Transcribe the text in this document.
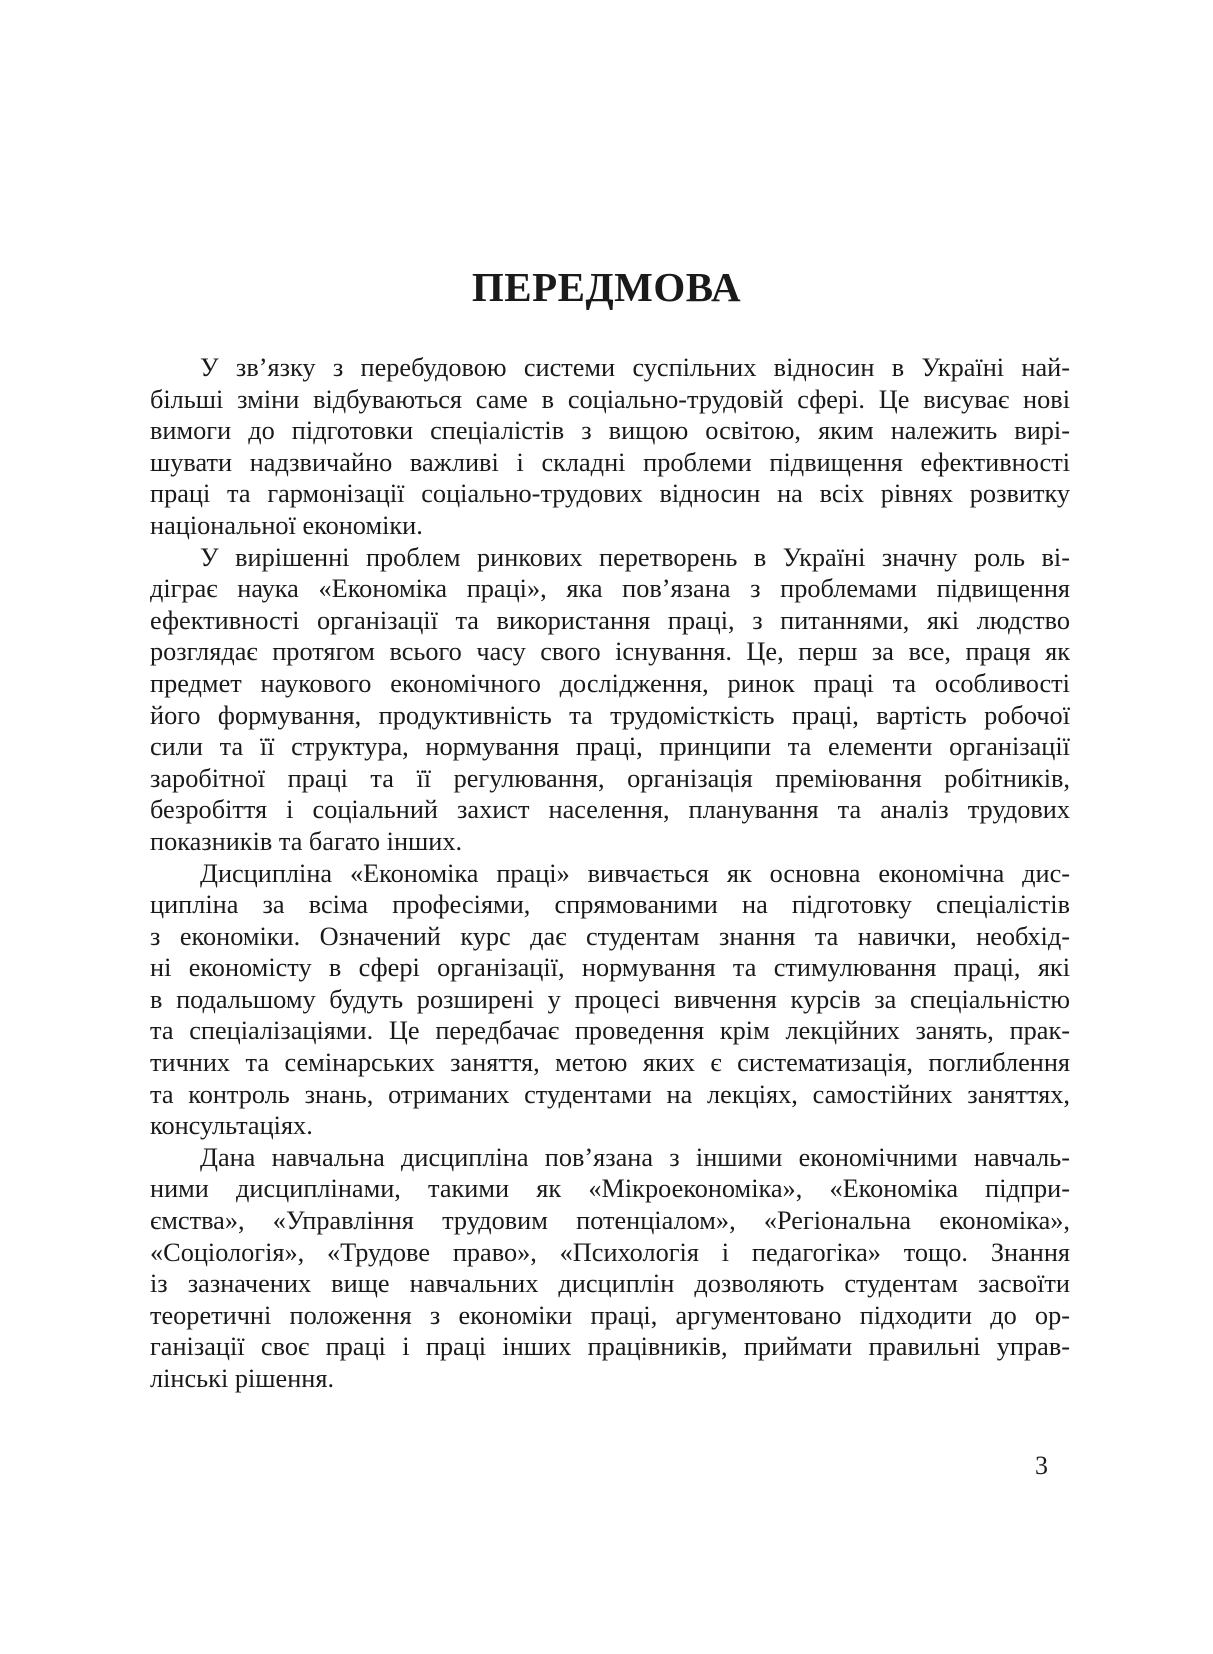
ПЕРЕДМОВА
У зв’язку з перебудовою системи суспільних відносин в Україні най-
більші зміни відбуваються саме в соціально-трудовій сфері. Це висуває нові
вимоги до підготовки спеціалістів з вищою освітою, яким належить вирі-
шувати надзвичайно важливі і складні проблеми підвищення ефективності
праці та гармонізації соціально-трудових відносин на всіх рівнях розвитку
національної економіки.
У вирішенні проблем ринкових перетворень в Україні значну роль ві-
діграє наука «Економіка праці», яка пов’язана з проблемами підвищення
ефективності організації та використання праці, з питаннями, які людство
розглядає протягом всього часу свого існування. Це, перш за все, праця як
предмет наукового економічного дослідження, ринок праці та особливості
його формування, продуктивність та трудомісткість праці, вартість робочої
сили та її структура, нормування праці, принципи та елементи організації
заробітної праці та її регулювання, організація преміювання робітників,
безробіття і соціальний захист населення, планування та аналіз трудових
показників та багато інших.
Дисципліна «Економіка праці» вивчається як основна економічна дис-
ципліна за всіма професіями, спрямованими на підготовку спеціалістів
з економіки. Означений курс дає студентам знання та навички, необхід-
ні економісту в сфері організації, нормування та стимулювання праці, які
в подальшому будуть розширені у процесі вивчення курсів за спеціальністю
та спеціалізаціями. Це передбачає проведення крім лекційних занять, прак-
тичних та семінарських заняття, метою яких є систематизація, поглиблення
та контроль знань, отриманих студентами на лекціях, самостійних заняттях,
консультаціях.
Дана навчальна дисципліна пов’язана з іншими економічними навчаль-
ними дисциплінами, такими як «Мікроекономіка», «Економіка підпри-
ємства», «Управління трудовим потенціалом», «Регіональна економіка»,
«Соціологія», «Трудове право», «Психологія і педагогіка» тощо. Знання
із зазначених вище навчальних дисциплін дозволяють студентам засвоїти
теоретичні положення з економіки праці, аргументовано підходити до ор-
ганізації своє праці і праці інших працівників, приймати правильні управ-
лінські рішення.
3
